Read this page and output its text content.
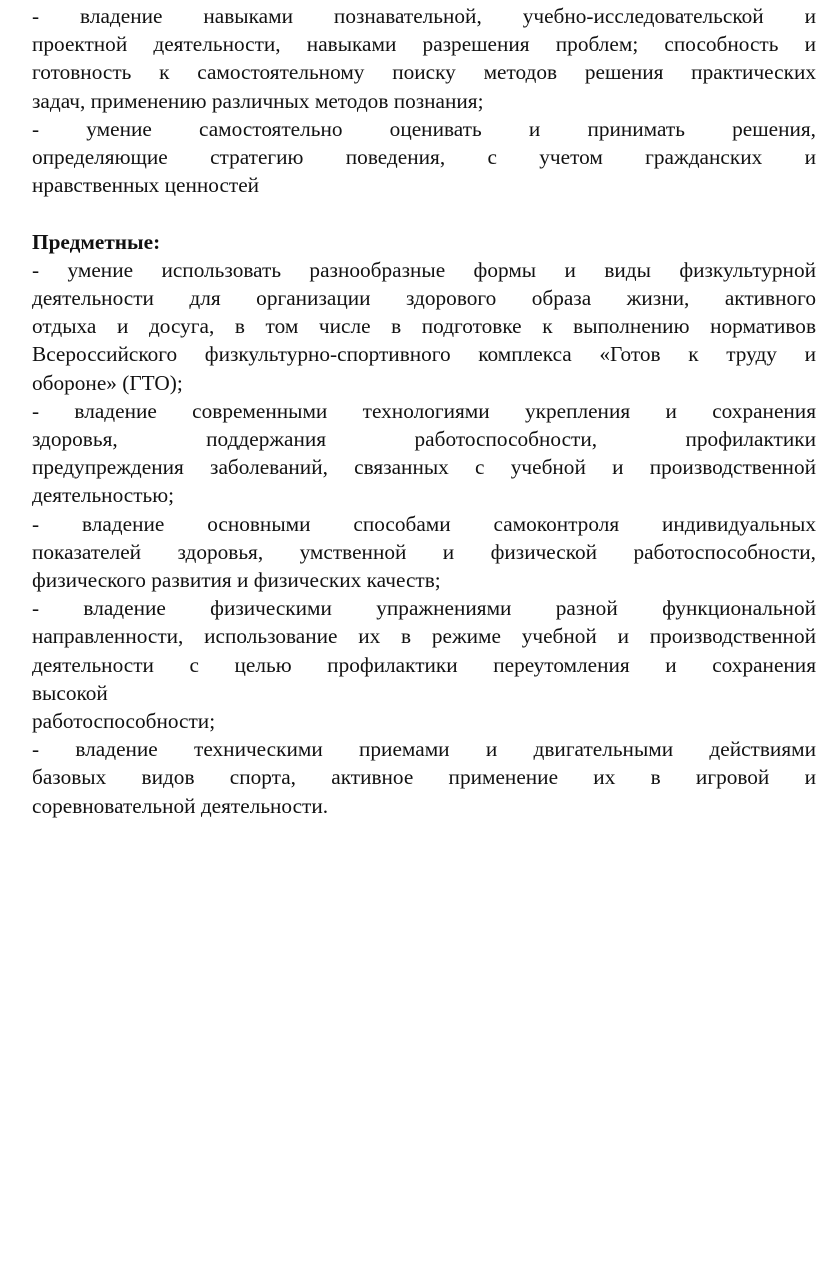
- владение навыками познавательной, учебно-исследовательской и
проектной деятельности, навыками разрешения проблем; способность и
готовность к самостоятельному поиску методов решения практических
задач, применению различных методов познания;
- умение самостоятельно оценивать и принимать решения,
определяющие стратегию поведения, с учетом гражданских и
нравственных ценностей
Предметные:
- умение использовать разнообразные формы и виды физкультурной
деятельности для организации здорового образа жизни, активного
отдыха и досуга, в том числе в подготовке к выполнению нормативов
Всероссийского физкультурно-спортивного комплекса «Готов к труду и
обороне» (ГТО);
- владение современными технологиями укрепления и сохранения
здоровья, поддержания работоспособности, профилактики
предупреждения заболеваний, связанных с учебной и производственной
деятельностью;
- владение основными способами самоконтроля индивидуальных
показателей здоровья, умственной и физической работоспособности,
физического развития и физических качеств;
- владение физическими упражнениями разной функциональной
направленности, использование их в режиме учебной и производственной
деятельности с целью профилактики переутомления и сохранения
высокой
работоспособности;
- владение техническими приемами и двигательными действиями
базовых видов спорта, активное применение их в игровой и
соревновательной деятельности.
